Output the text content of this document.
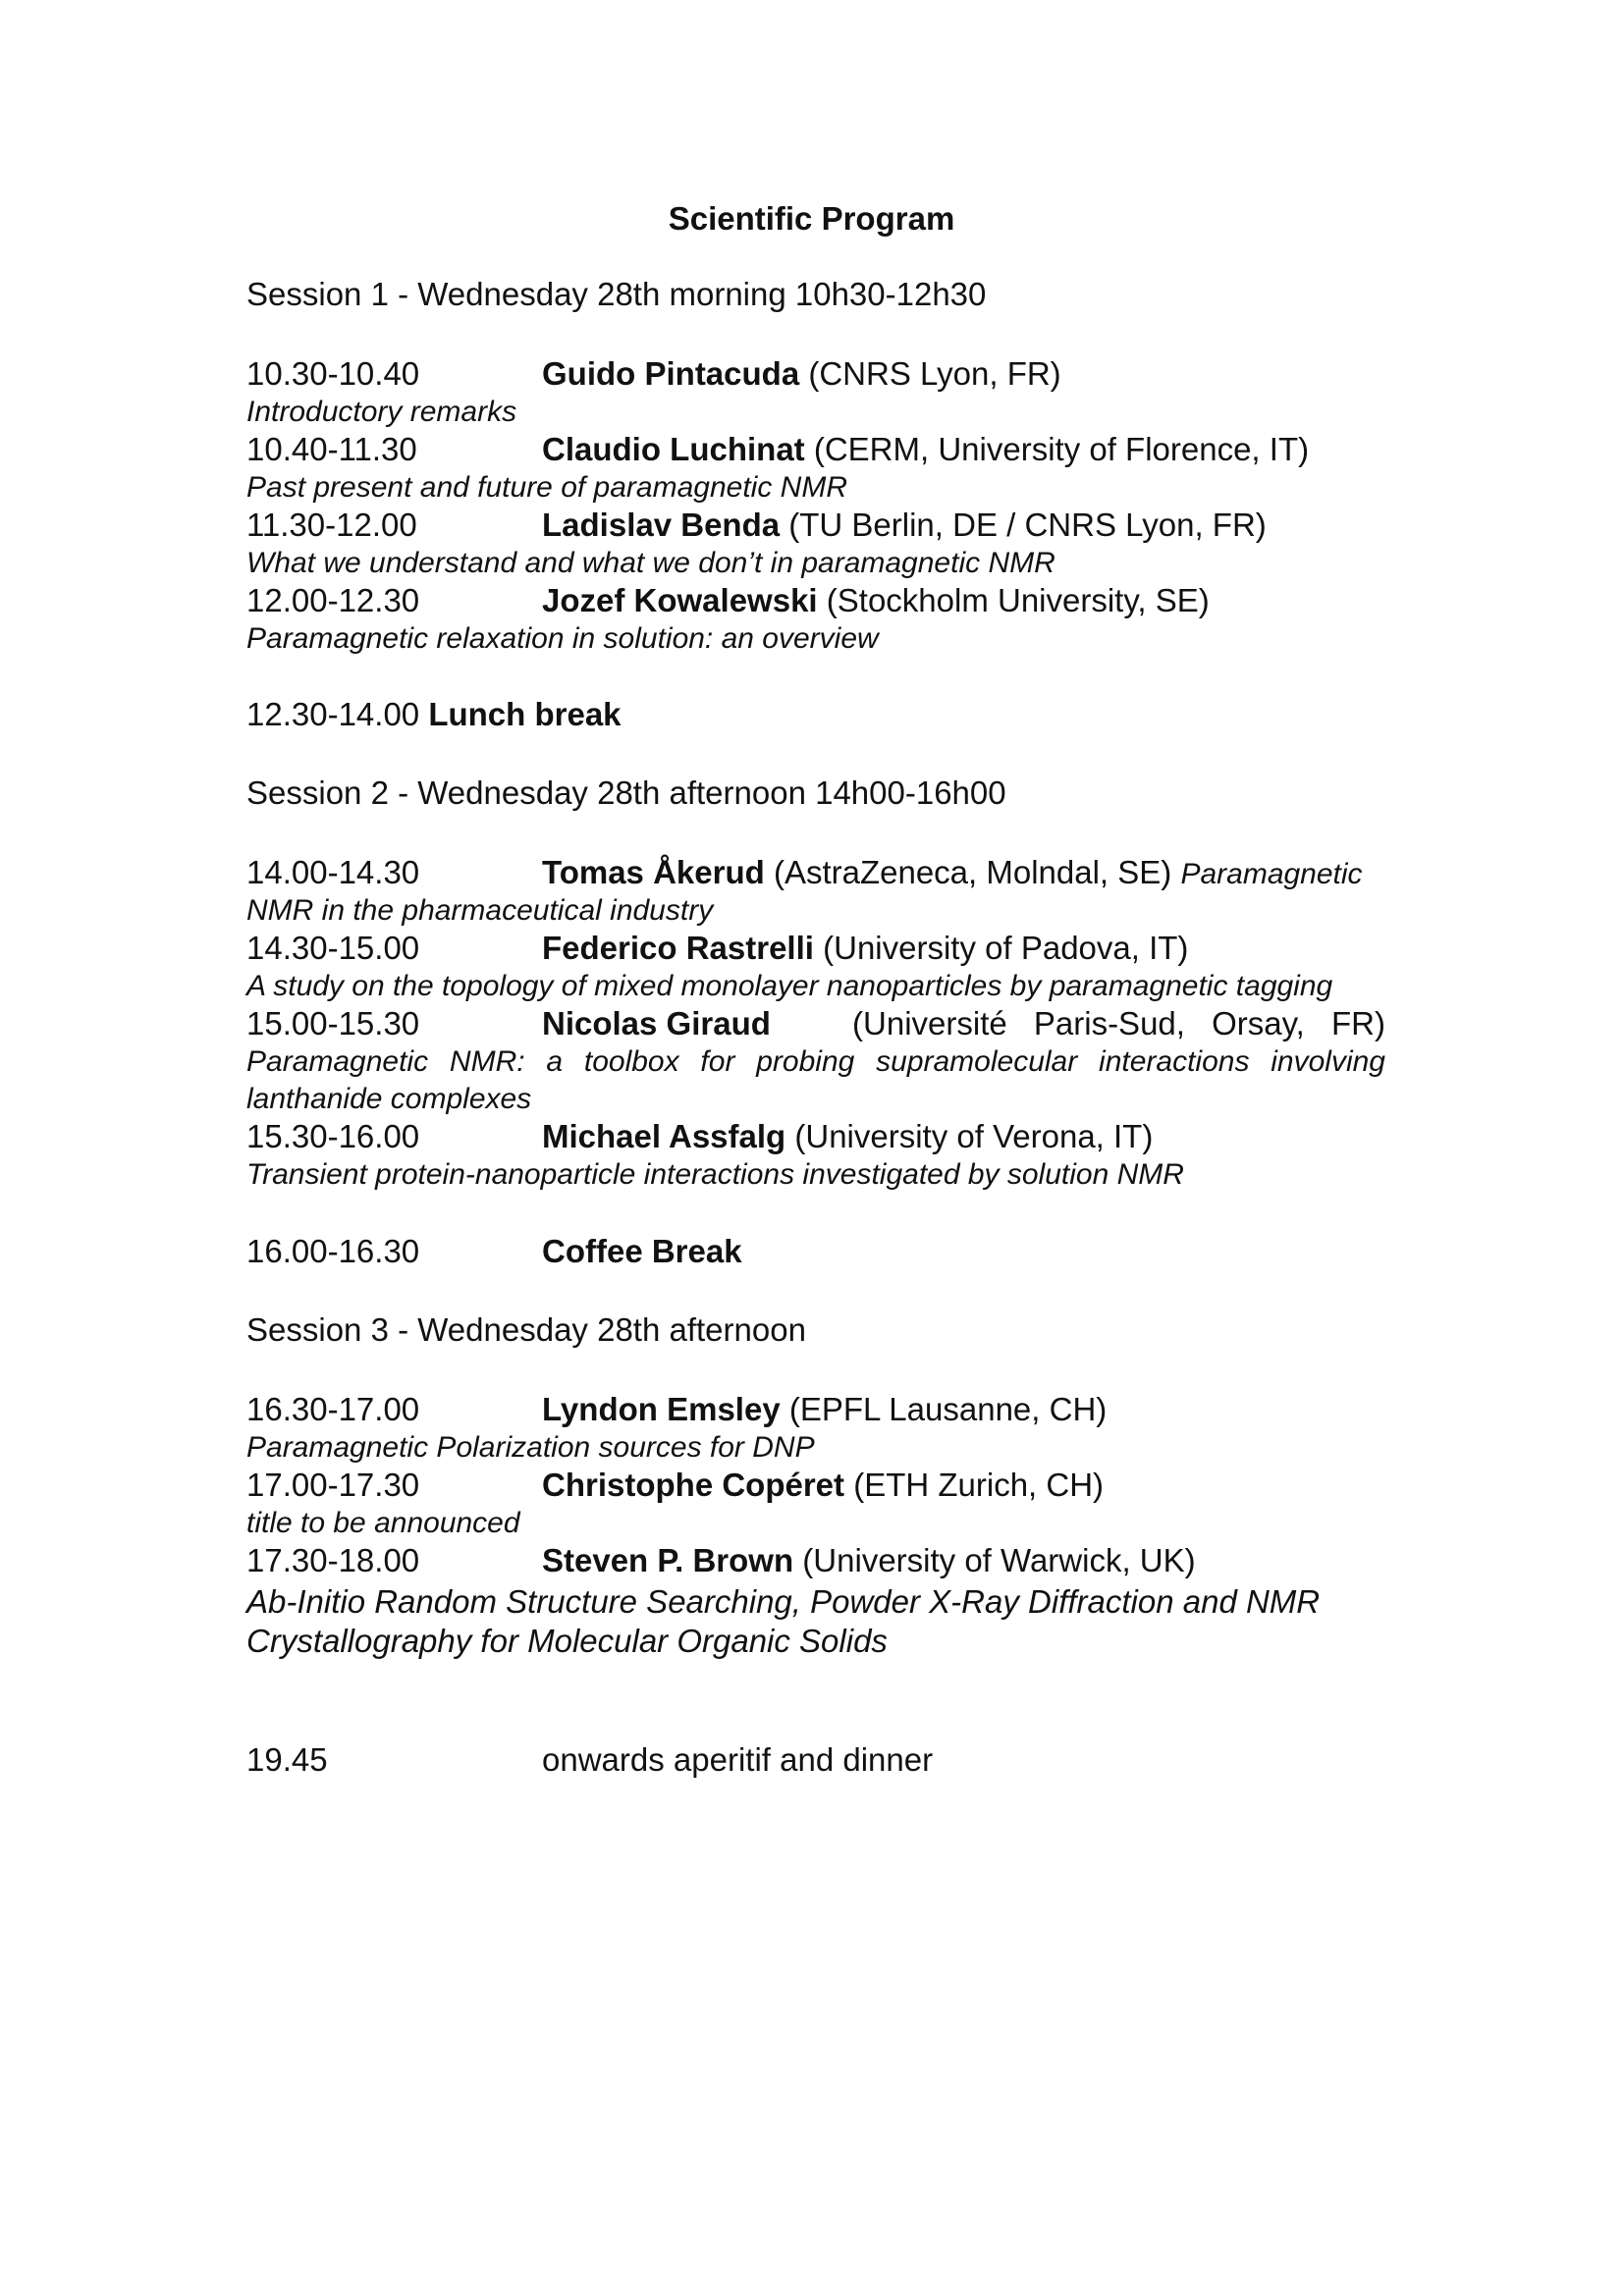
Scientific Program
Session 1 - Wednesday 28th morning 10h30-12h30
10.30-10.40	Guido Pintacuda (CNRS Lyon, FR)
Introductory remarks
10.40-11.30	Claudio Luchinat (CERM, University of Florence, IT)
Past present and future of paramagnetic NMR
11.30-12.00	Ladislav Benda (TU Berlin, DE / CNRS Lyon, FR)
What we understand and what we don’t in paramagnetic NMR
12.00-12.30	Jozef Kowalewski (Stockholm University, SE)
Paramagnetic relaxation in solution: an overview
12.30-14.00 Lunch break
Session 2 - Wednesday 28th afternoon 14h00-16h00
14.00-14.30	Tomas Åkerud (AstraZeneca, Molndal, SE) Paramagnetic
NMR in the pharmaceutical industry
14.30-15.00	Federico Rastrelli (University of Padova, IT)
A study on the topology of mixed monolayer nanoparticles by paramagnetic tagging
15.00-15.30	Nicolas Giraud	(Université Paris-Sud, Orsay, FR)
Paramagnetic NMR: a toolbox for probing supramolecular interactions involving
lanthanide complexes
15.30-16.00	Michael Assfalg (University of Verona, IT)
Transient protein-nanoparticle interactions investigated by solution NMR
16.00-16.30	Coffee Break
Session 3 - Wednesday 28th afternoon
16.30-17.00	Lyndon Emsley (EPFL Lausanne, CH)
Paramagnetic Polarization sources for DNP
17.00-17.30	Christophe Copéret (ETH Zurich, CH)
title to be announced
17.30-18.00	Steven P. Brown (University of Warwick, UK)
Ab-Initio Random Structure Searching, Powder X-Ray Diffraction and NMR
Crystallography for Molecular Organic Solids
19.45	onwards aperitif and dinner
